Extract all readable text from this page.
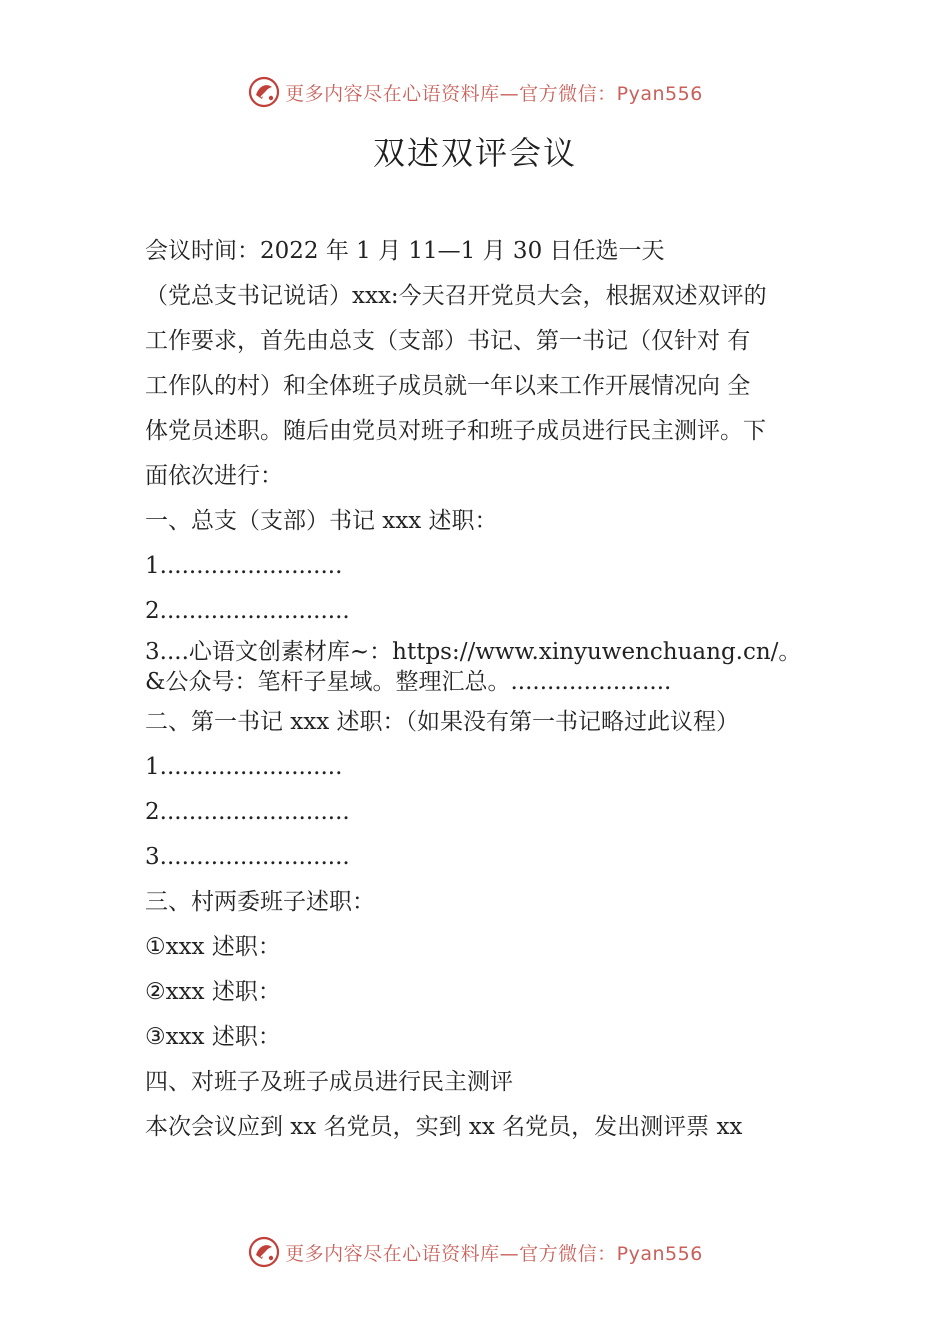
更多内容尽在心语资料库—官方微信：Pyan556
双述双评会议
会议时间：2022 年 1 月 11—1 月 30 日任选一天
（党总支书记说话）xxx:今天召开党员大会，根据双述双评的
工作要求，首先由总支（支部）书记、第一书记（仅针对 有
工作队的村）和全体班子成员就一年以来工作开展情况向 全
体党员述职。随后由党员对班子和班子成员进行民主测评。下
面依次进行：
一、总支（支部）书记 xxx 述职：
1.........................
2..........................
3....心语文创素材库~：https://www.xinyuwenchuang.cn/。
&公众号：笔杆子星域。整理汇总。......................
二、第一书记 xxx 述职：（如果没有第一书记略过此议程）
1.........................
2..........................
3..........................
三、村两委班子述职：
①xxx 述职：
②xxx 述职：
③xxx 述职：
四、对班子及班子成员进行民主测评
本次会议应到 xx 名党员，实到 xx 名党员，发出测评票 xx
更多内容尽在心语资料库—官方微信：Pyan556
